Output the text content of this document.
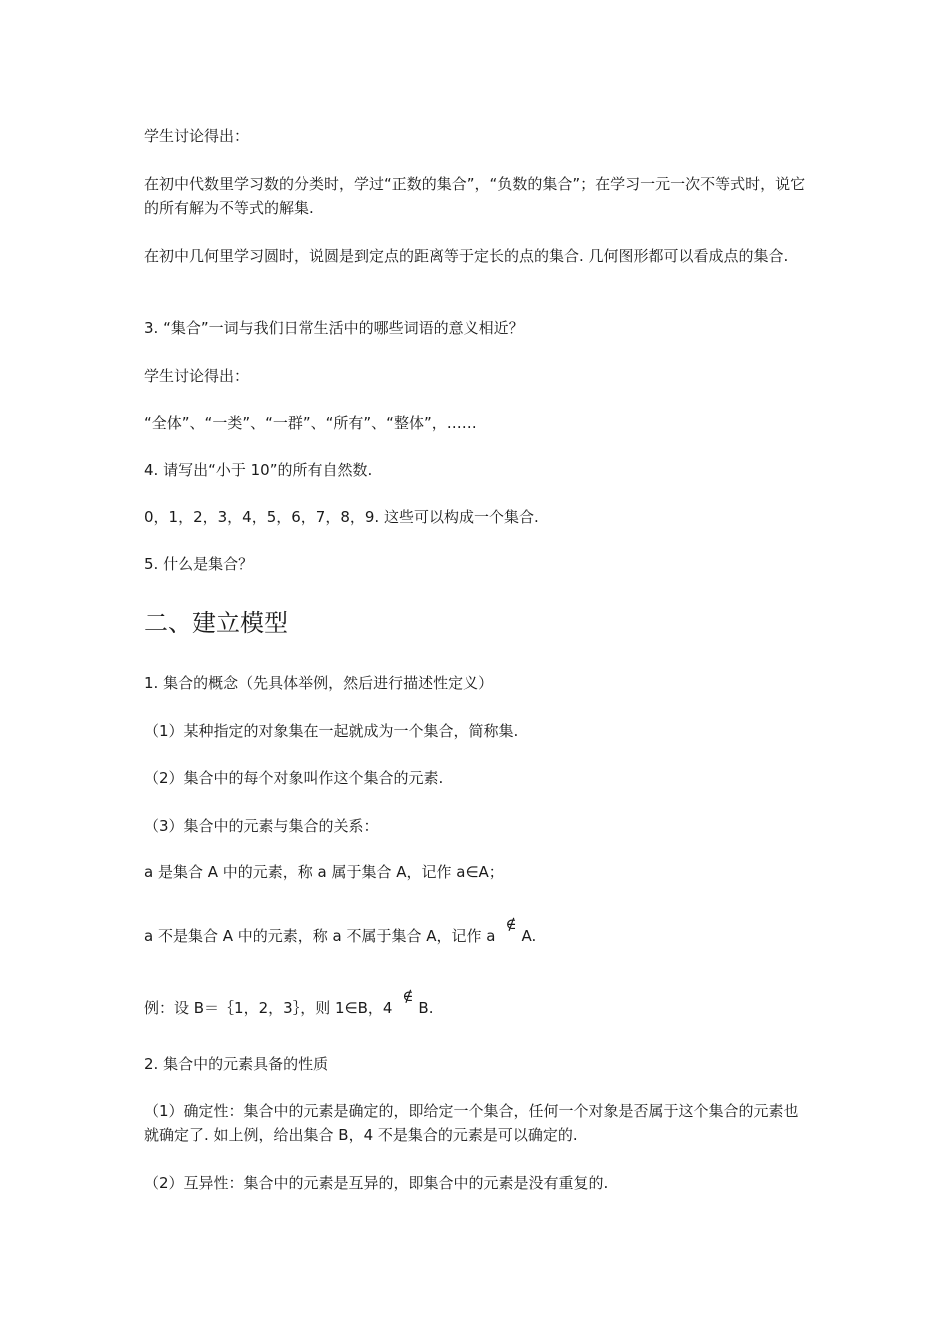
学生讨论得出：
在初中代数里学习数的分类时，学过“正数的集合”，“负数的集合”；在学习一元一次不等式时，说它的所有解为不等式的解集.
在初中几何里学习圆时，说圆是到定点的距离等于定长的点的集合. 几何图形都可以看成点的集合.
3. “集合”一词与我们日常生活中的哪些词语的意义相近？
学生讨论得出：
“全体”、“一类”、“一群”、“所有”、“整体”，……
4. 请写出“小于 10”的所有自然数.
0，1，2，3，4，5，6，7，8，9. 这些可以构成一个集合.
5. 什么是集合？
二、建立模型
1. 集合的概念（先具体举例，然后进行描述性定义）
（1）某种指定的对象集在一起就成为一个集合，简称集.
（2）集合中的每个对象叫作这个集合的元素.
（3）集合中的元素与集合的关系：
a 是集合 A 中的元素，称 a 属于集合 A，记作 a∈A；
a 不是集合 A 中的元素，称 a 不属于集合 A，记作 a
∉
A.
例：设 B＝｛1，2，3｝，则 1∈B，4
∉
B.
2. 集合中的元素具备的性质
（1）确定性：集合中的元素是确定的，即给定一个集合，任何一个对象是否属于这个集合的元素也就确定了. 如上例，给出集合 B，4 不是集合的元素是可以确定的.
（2）互异性：集合中的元素是互异的，即集合中的元素是没有重复的.
